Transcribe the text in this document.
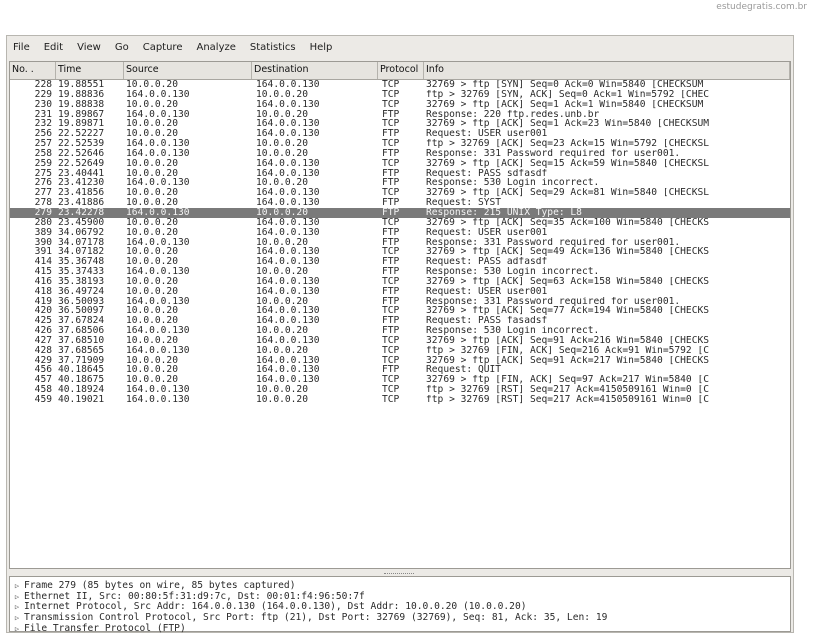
estudegratis.com.br
File	Edit	View	Go	Capture	Analyze	Statistics	Help
No. .	Time	Source	Destination	Protocol Info
228 19.88551	10.0.0.20	164.0.0.130	TCP	32769 > ftp [SYN] Seq=0 Ack=0 Win=5840 [CHECKSUM
229 19.88836	164.0.0.130	10.0.0.20	TCP	ftp > 32769 [SYN, ACK] Seq=0 Ack=1 Win=5792 [CHEC
230 19.88838	10.0.0.20	164.0.0.130	TCP	32769 > ftp [ACK] Seq=1 Ack=1 Win=5840 [CHECKSUM
231 19.89867	164.0.0.130	10.0.0.20	FTP	Response: 220 ftp.redes.unb.br
232 19.89871	10.0.0.20	164.0.0.130	TCP	32769 > ftp [ACK] Seq=1 Ack=23 Win=5840 [CHECKSUM
256 22.52227	10.0.0.20	164.0.0.130	FTP	Request: USER user001
257 22.52539	164.0.0.130	10.0.0.20	TCP	ftp > 32769 [ACK] Seq=23 Ack=15 Win=5792 [CHECKSL
258 22.52646	164.0.0.130	10.0.0.20	FTP	Response: 331 Password required for user001.
259 22.52649	10.0.0.20	164.0.0.130	TCP	32769 > ftp [ACK] Seq=15 Ack=59 Win=5840 [CHECKSL
275 23.40441	10.0.0.20	164.0.0.130	FTP	Request: PASS sdfasdf
276 23.41230	164.0.0.130	10.0.0.20	FTP	Response: 530 Login incorrect.
277 23.41856	10.0.0.20	164.0.0.130	TCP	32769 > ftp [ACK] Seq=29 Ack=81 Win=5840 [CHECKSL
278 23.41886	10.0.0.20	164.0.0.130	FTP	Request: SYST
279 23.42278	164.0.0.130	10.0.0.20	FTP	Response: 215 UNIX Type: L8
280 23.45900	10.0.0.20	164.0.0.130	TCP	32769 > ftp [ACK] Seq=35 Ack=100 Win=5840 [CHECKS
389 34.06792	10.0.0.20	164.0.0.130	FTP	Request: USER user001
390 34.07178	164.0.0.130	10.0.0.20	FTP	Response: 331 Password required for user001.
391 34.07182	10.0.0.20	164.0.0.130	TCP	32769 > ftp [ACK] Seq=49 Ack=136 Win=5840 [CHECKS
414 35.36748	10.0.0.20	164.0.0.130	FTP	Request: PASS adfasdf
415 35.37433	164.0.0.130	10.0.0.20	FTP	Response: 530 Login incorrect.
416 35.38193	10.0.0.20	164.0.0.130	TCP	32769 > ftp [ACK] Seq=63 Ack=158 Win=5840 [CHECKS
418 36.49724	10.0.0.20	164.0.0.130	FTP	Request: USER user001
419 36.50093	164.0.0.130	10.0.0.20	FTP	Response: 331 Password required for user001.
420 36.50097	10.0.0.20	164.0.0.130	TCP	32769 > ftp [ACK] Seq=77 Ack=194 Win=5840 [CHECKS
425 37.67824	10.0.0.20	164.0.0.130	FTP	Request: PASS fasadsf
426 37.68506	164.0.0.130	10.0.0.20	FTP	Response: 530 Login incorrect.
427 37.68510	10.0.0.20	164.0.0.130	TCP	32769 > ftp [ACK] Seq=91 Ack=216 Win=5840 [CHECKS
428 37.68565	164.0.0.130	10.0.0.20	TCP	ftp > 32769 [FIN, ACK] Seq=216 Ack=91 Win=5792 [C
429 37.71909	10.0.0.20	164.0.0.130	TCP	32769 > ftp [ACK] Seq=91 Ack=217 Win=5840 [CHECKS
456 40.18645	10.0.0.20	164.0.0.130	FTP	Request: QUIT
457 40.18675	10.0.0.20	164.0.0.130	TCP	32769 > ftp [FIN, ACK] Seq=97 Ack=217 Win=5840 [C
458 40.18924	164.0.0.130	10.0.0.20	TCP	ftp > 32769 [RST] Seq=217 Ack=4150509161 Win=0 [C
459 40.19021	164.0.0.130	10.0.0.20	TCP	ftp > 32769 [RST] Seq=217 Ack=4150509161 Win=0 [C
▷ Frame 279 (85 bytes on wire, 85 bytes captured)
▷ Ethernet II, Src: 00:80:5f:31:d9:7c, Dst: 00:01:f4:96:50:7f
▷ Internet Protocol, Src Addr: 164.0.0.130 (164.0.0.130), Dst Addr: 10.0.0.20 (10.0.0.20)
▷ Transmission Control Protocol, Src Port: ftp (21), Dst Port: 32769 (32769), Seq: 81, Ack: 35, Len: 19
▷ File Transfer Protocol (FTP)
